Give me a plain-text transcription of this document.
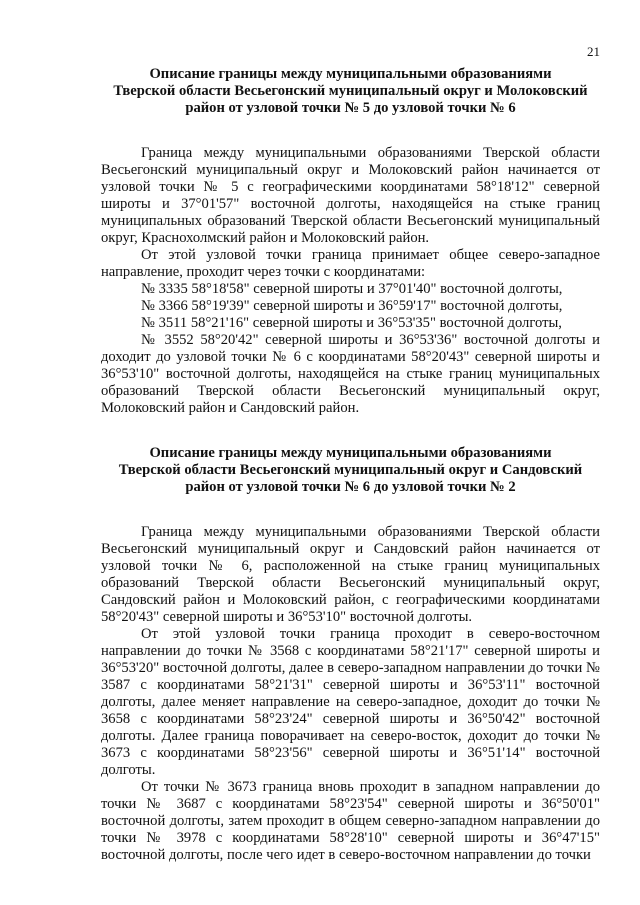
21

Описание границы между муниципальными образованиями
Тверской области Весьегонский муниципальный округ и Молоковский
район от узловой точки № 5 до узловой точки № 6

Граница между муниципальными образованиями Тверской области Весьегонский муниципальный округ и Молоковский район начинается от узловой точки № 5 с географическими координатами 58°18'12" северной широты и 37°01'57" восточной долготы, находящейся на стыке границ муниципальных образований Тверской области Весьегонский муниципальный округ, Краснохолмский район и Молоковский район.

От этой узловой точки граница принимает общее северо-западное направление, проходит через точки с координатами:

№ 3335 58°18'58" северной широты и 37°01'40" восточной долготы,
№ 3366 58°19'39" северной широты и 36°59'17" восточной долготы,
№ 3511 58°21'16" северной широты и 36°53'35" восточной долготы,

№ 3552 58°20'42" северной широты и 36°53'36" восточной долготы и доходит до узловой точки № 6 с координатами 58°20'43" северной широты и 36°53'10" восточной долготы, находящейся на стыке границ муниципальных образований Тверской области Весьегонский муниципальный округ, Молоковский район и Сандовский район.

Описание границы между муниципальными образованиями
Тверской области Весьегонский муниципальный округ и Сандовский
район от узловой точки № 6 до узловой точки № 2

Граница между муниципальными образованиями Тверской области Весьегонский муниципальный округ и Сандовский район начинается от узловой точки № 6, расположенной на стыке границ муниципальных образований Тверской области Весьегонский муниципальный округ, Сандовский район и Молоковский район, с географическими координатами 58°20'43" северной широты и 36°53'10" восточной долготы.

От этой узловой точки граница проходит в северо-восточном направлении до точки № 3568 с координатами 58°21'17" северной широты и 36°53'20" восточной долготы, далее в северо-западном направлении до точки № 3587 с координатами 58°21'31" северной широты и 36°53'11" восточной долготы, далее меняет направление на северо-западное, доходит до точки № 3658 с координатами 58°23'24" северной широты и 36°50'42" восточной долготы. Далее граница поворачивает на северо-восток, доходит до точки № 3673 с координатами 58°23'56" северной широты и 36°51'14" восточной долготы.

От точки № 3673 граница вновь проходит в западном направлении до точки № 3687 с координатами 58°23'54" северной широты и 36°50'01" восточной долготы, затем проходит в общем северно-западном направлении до точки № 3978 с координатами 58°28'10" северной широты и 36°47'15" восточной долготы, после чего идет в северо-восточном направлении до точки
